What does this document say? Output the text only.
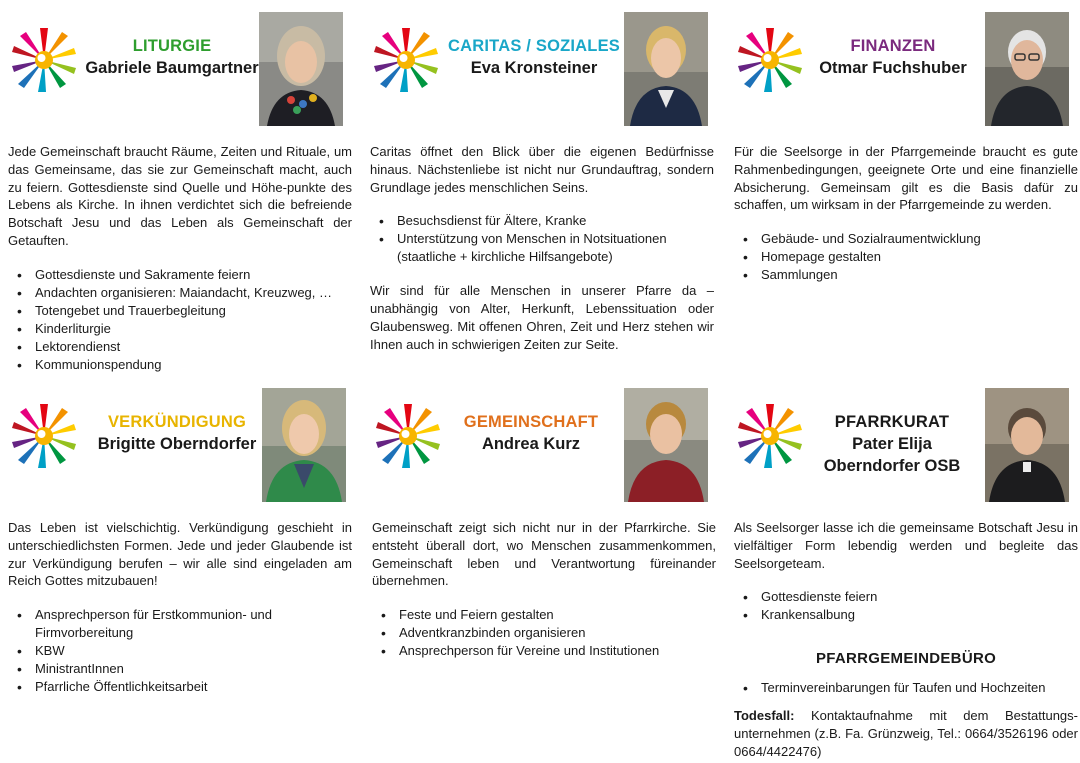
LITURGIE
Gabriele Baumgartner
Jede Gemeinschaft braucht Räume, Zeiten und Rituale, um das Gemeinsame, das sie zur Gemeinschaft macht, auch zu feiern. Gottesdienste sind Quelle und Höhe-punkte des Lebens als Kirche. In ihnen verdichtet sich die befreiende Botschaft Jesu und das Leben als Gemeinschaft der Getauften.
• Gottesdienste und Sakramente feiern
• Andachten organisieren: Maiandacht, Kreuzweg, …
• Totengebet und Trauerbegleitung
• Kinderliturgie
• Lektorendienst
• Kommunionspendung
CARITAS / SOZIALES
Eva Kronsteiner
Caritas öffnet den Blick über die eigenen Bedürfnisse hinaus. Nächstenliebe ist nicht nur Grundauftrag, sondern Grundlage jedes menschlichen Seins.
• Besuchsdienst für Ältere, Kranke
• Unterstützung von Menschen in Notsituationen (staatliche + kirchliche Hilfsangebote)
Wir sind für alle Menschen in unserer Pfarre da – unabhängig von Alter, Herkunft, Lebenssituation oder Glaubensweg. Mit offenen Ohren, Zeit und Herz stehen wir Ihnen auch in schwierigen Zeiten zur Seite.
FINANZEN
Otmar Fuchshuber
Für die Seelsorge in der Pfarrgemeinde braucht es gute Rahmenbedingungen, geeignete Orte und eine finanzielle Absicherung. Gemeinsam gilt es die Basis dafür zu schaffen, um wirksam in der Pfarrgemeinde zu werden.
• Gebäude- und Sozialraumentwicklung
• Homepage gestalten
• Sammlungen
VERKÜNDIGUNG
Brigitte Oberndorfer
Das Leben ist vielschichtig. Verkündigung geschieht in unterschiedlichsten Formen. Jede und jeder Glaubende ist zur Verkündigung berufen – wir alle sind eingeladen am Reich Gottes mitzubauen!
• Ansprechperson für Erstkommunion- und Firmvorbereitung
• KBW
• MinistrantInnen
• Pfarrliche Öffentlichkeitsarbeit
GEMEINSCHAFT
Andrea Kurz
Gemeinschaft zeigt sich nicht nur in der Pfarrkirche. Sie entsteht überall dort, wo Menschen zusammenkommen, Gemeinschaft leben und Verantwortung füreinander übernehmen.
• Feste und Feiern gestalten
• Adventkranzbinden organisieren
• Ansprechperson für Vereine und Institutionen
PFARRKURAT
Pater Elija
Oberndorfer OSB
Als Seelsorger lasse ich die gemeinsame Botschaft Jesu in vielfältiger Form lebendig werden und begleite das Seelsorgeteam.
• Gottesdienste feiern
• Krankensalbung
PFARRGEMEINDEBÜRO
• Terminvereinbarungen für Taufen und Hochzeiten
Todesfall: Kontaktaufnahme mit dem Bestattungs-unternehmen (z.B. Fa. Grünzweig, Tel.: 0664/3526196 oder 0664/4422476)
